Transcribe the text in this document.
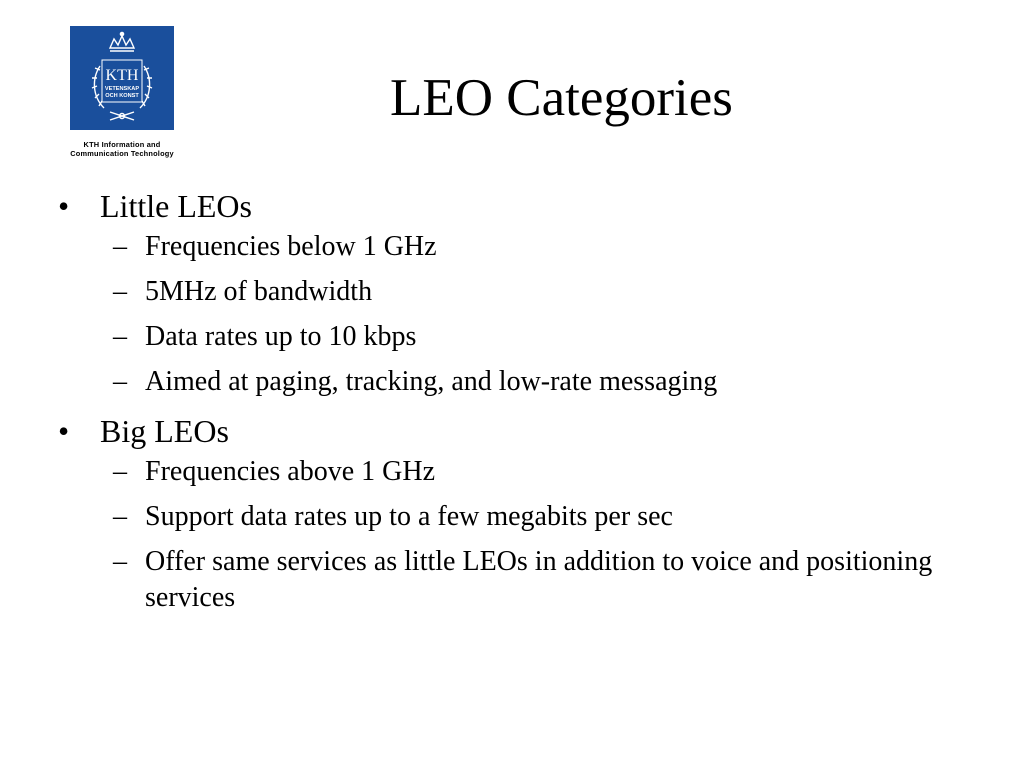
KTH
VETENSKAP
OCH KONST
KTH Information and
Communication Technology
LEO Categories
• Little LEOs
– Frequencies below 1 GHz
– 5MHz of bandwidth
– Data rates up to 10 kbps
– Aimed at paging, tracking, and low-rate messaging
• Big LEOs
– Frequencies above 1 GHz
– Support data rates up to a few megabits per sec
– Offer same services as little LEOs in addition to voice and positioning services
